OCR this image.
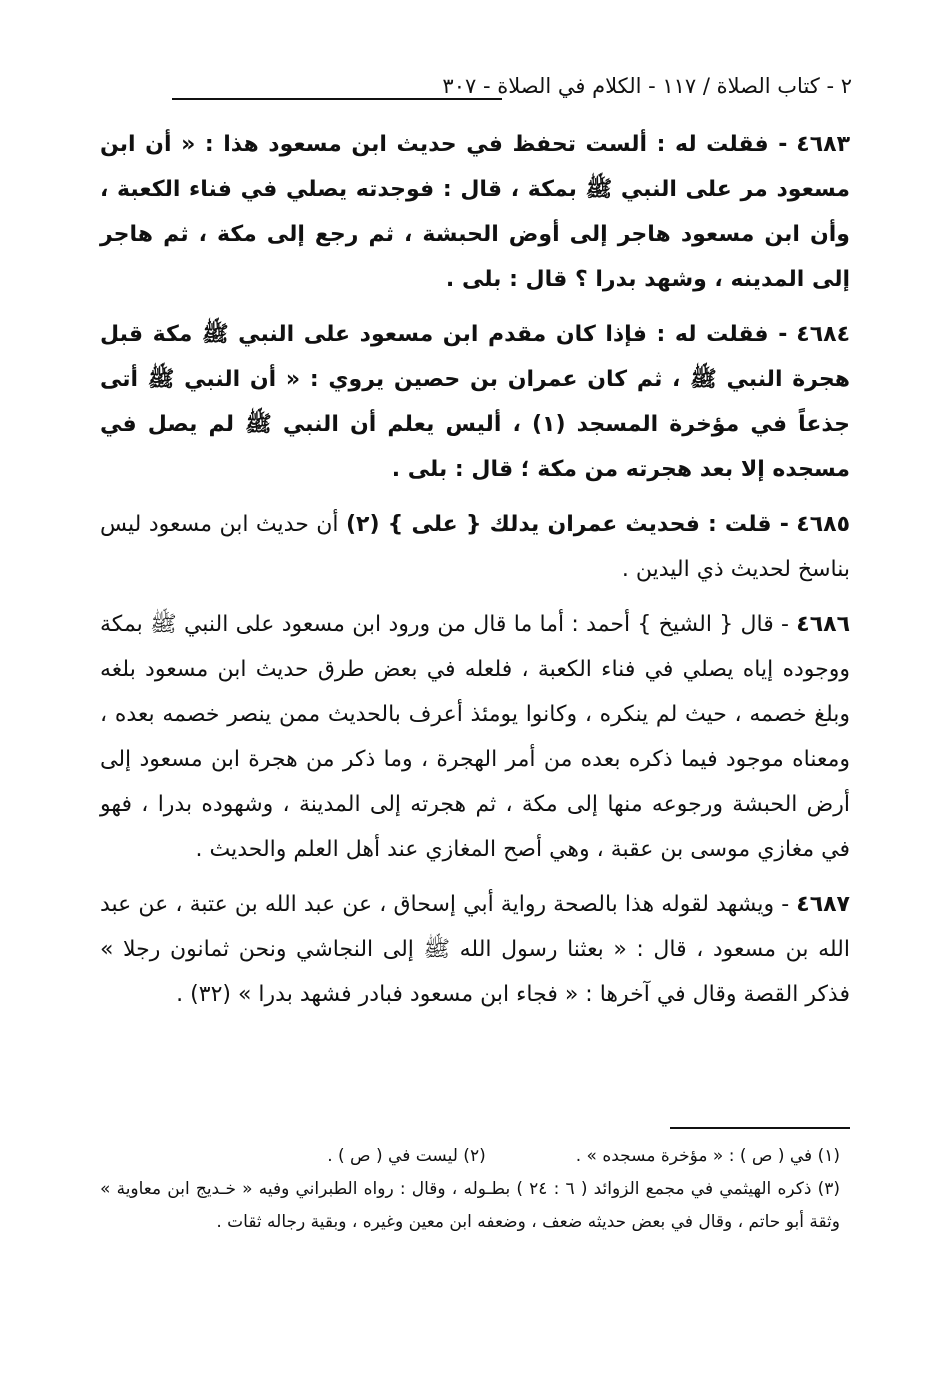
٢ - كتاب الصلاة / ١١٧ - الكلام في الصلاة - ٣٠٧

٤٦٨٣ - فقلت له : ألست تحفظ في حديث ابن مسعود هذا : « أن ابن مسعود مر على النبي ﷺ بمكة ، قال : فوجدته يصلي في فناء الكعبة ، وأن ابن مسعود هاجر إلى أوض الحبشة ، ثم رجع إلى مكة ، ثم هاجر إلى المدينه ، وشهد بدرا ؟ قال : بلى .

٤٦٨٤ - فقلت له : فإذا كان مقدم ابن مسعود على النبي ﷺ مكة قبل هجرة النبي ﷺ ، ثم كان عمران بن حصين يروي : « أن النبي ﷺ أتى جذعاً في مؤخرة المسجد (١) ، أليس يعلم أن النبي ﷺ لم يصل في مسجده إلا بعد هجرته من مكة ؛ قال : بلى .

٤٦٨٥ - قلت : فحديث عمران يدلك { على } (٢) أن حديث ابن مسعود ليس بناسخ لحديث ذي اليدين .

٤٦٨٦ - قال { الشيخ } أحمد : أما ما قال من ورود ابن مسعود على النبي ﷺ بمكة ووجوده إياه يصلي في فناء الكعبة ، فلعله في بعض طرق حديث ابن مسعود بلغه وبلغ خصمه ، حيث لم ينكره ، وكانوا يومئذ أعرف بالحديث ممن ينصر خصمه بعده ، ومعناه موجود فيما ذكره بعده من أمر الهجرة ، وما ذكر من هجرة ابن مسعود إلى أرض الحبشة ورجوعه منها إلى مكة ، ثم هجرته إلى المدينة ، وشهوده بدرا ، فهو في مغازي موسى بن عقبة ، وهي أصح المغازي عند أهل العلم والحديث .

٤٦٨٧ - ويشهد لقوله هذا بالصحة رواية أبي إسحاق ، عن عبد الله بن عتبة ، عن عبد الله بن مسعود ، قال : « بعثنا رسول الله ﷺ إلى النجاشي ونحن ثمانون رجلا » فذكر القصة وقال في آخرها : « فجاء ابن مسعود فبادر فشهد بدرا » (٣٢) .

(١) في ( ص ) : « مؤخرة مسجده » .
(٢) ليست في ( ص ) .
(٣) ذكره الهيثمي في مجمع الزوائد ( ٦ : ٢٤ ) بطـوله ، وقال : رواه الطبراني وفيه « خـديج ابن معاوية » وثقة أبو حاتم ، وقال في بعض حديثه ضعف ، وضعفه ابن معين وغيره ، وبقية رجاله ثقات .
